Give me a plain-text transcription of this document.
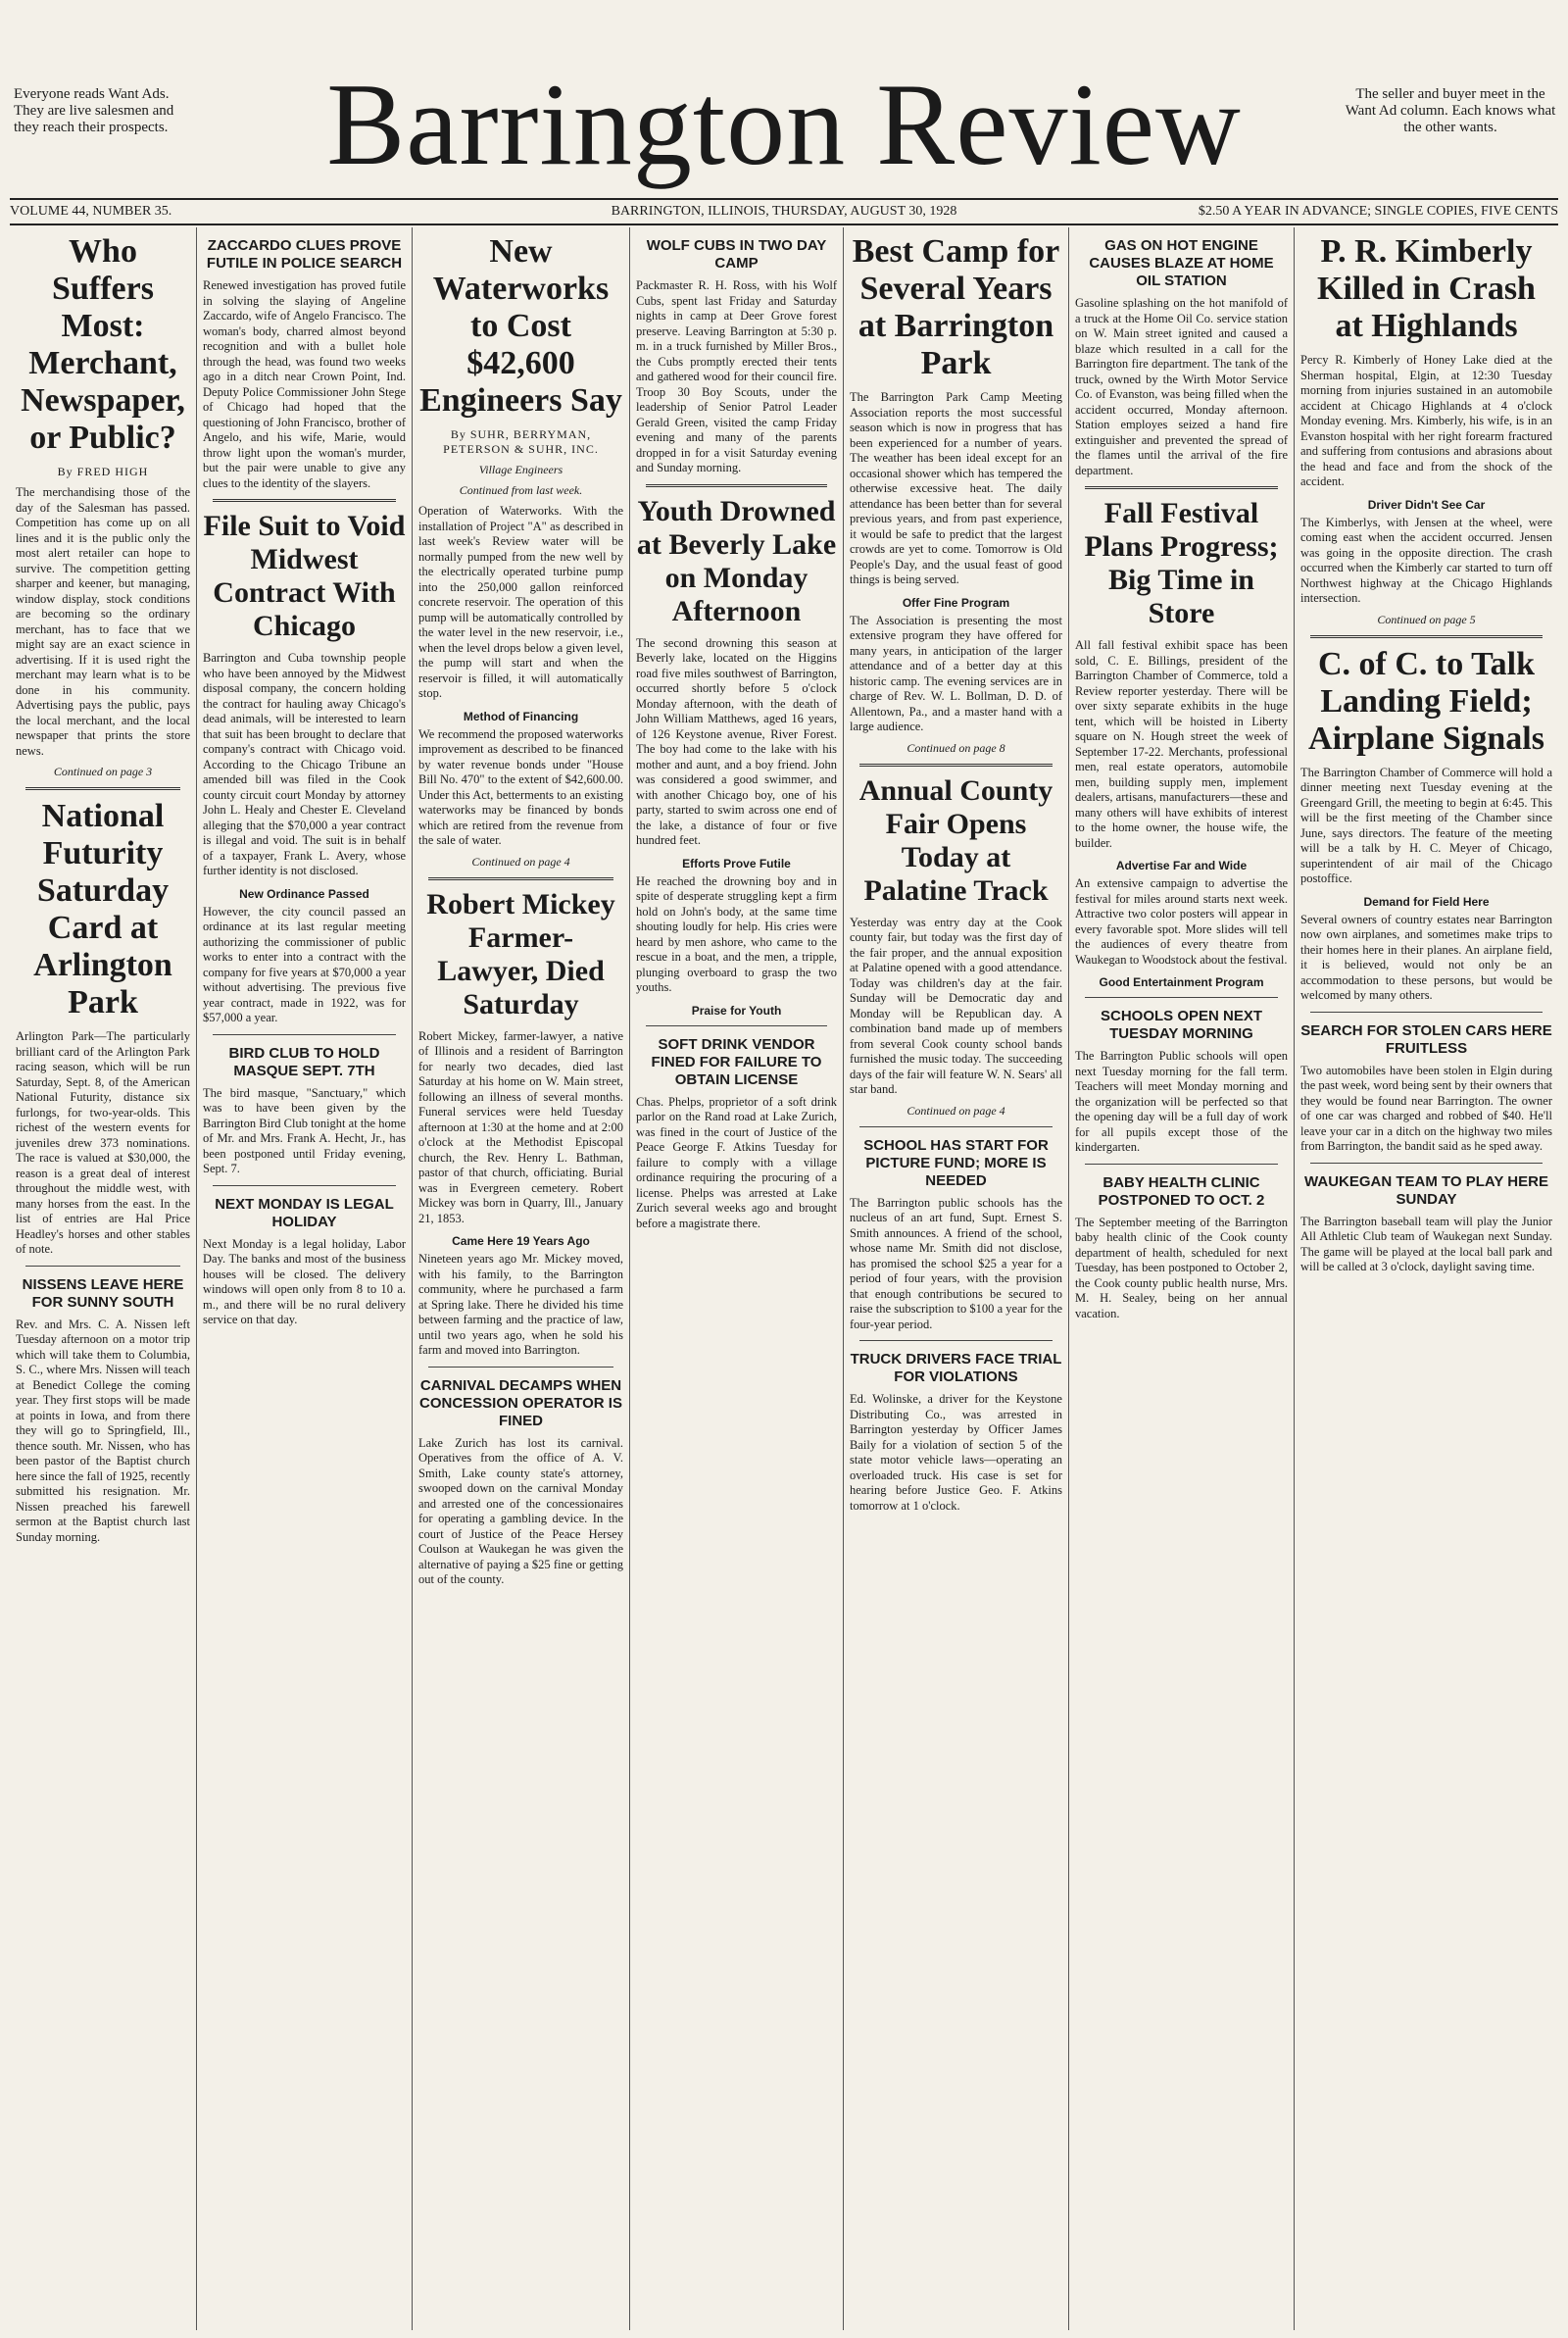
Everyone reads Want Ads. They are live salesmen and they reach their prospects.	Barrington Review	The seller and buyer meet in the Want Ad column. Each knows what the other wants.
VOLUME 44, NUMBER 35.	BARRINGTON, ILLINOIS, THURSDAY, AUGUST 30, 1928	$2.50 A YEAR IN ADVANCE; SINGLE COPIES, FIVE CENTS
Who Suffers Most: Merchant, Newspaper, or Public?
By FRED HIGH

The merchandising those of the day of the Salesman has passed. Competition has come up on all lines and it is the public only the most alert retailer can hope to survive. The competition getting sharper and keener, but managing, window display, stock conditions are becoming so the ordinary merchant, has to face that we might say are an exact science in advertising. If it is used right the merchant may learn what is to be done in his community. Advertising pays the public, pays the local merchant, and the local newspaper that prints the store news.

Continued on page 3
National Futurity Saturday Card at Arlington Park

Arlington Park—The particularly brilliant card of the Arlington Park racing season, which will be run Saturday, Sept. 8, of the American National Futurity, distance six furlongs, for two-year-olds. This richest of the western events for juveniles drew 373 nominations. The race is valued at $30,000, the reason is a great deal of interest throughout the middle west, with many horses from the east. In the list of entries are Hal Price Headley's horses and other stables of note.

NISSENS LEAVE HERE FOR SUNNY SOUTH

Rev. and Mrs. C. A. Nissen left Tuesday afternoon on a motor trip which will take them to Columbia, S. C., where Mrs. Nissen will teach at Benedict College the coming year. They first stops will be made at points in Iowa, and from there they will go to Springfield, Ill., thence south. Mr. Nissen, who has been pastor of the Baptist church here since the fall of 1925, recently submitted his resignation. Mr. Nissen preached his farewell sermon at the Baptist church last Sunday morning.

ZACCARDO CLUES PROVE FUTILE IN POLICE SEARCH

Renewed investigation has proved futile in solving the slaying of Angeline Zaccardo, wife of Angelo Francisco. The woman's body, charred almost beyond recognition and with a bullet hole through the head, was found two weeks ago in a ditch near Crown Point, Ind. Deputy Police Commissioner John Stege of Chicago had hoped that the questioning of John Francisco, brother of Angelo, and his wife, Marie, would throw light upon the woman's murder, but the pair were unable to give any clues to the identity of the slayers.

File Suit to Void Midwest Contract With Chicago

Barrington and Cuba township people who have been annoyed by the Midwest disposal company, the concern holding the contract for hauling away Chicago's dead animals, will be interested to learn that suit has been brought to declare that company's contract with Chicago void. According to the Chicago Tribune an amended bill was filed in the Cook county circuit court Monday by attorney John L. Healy and Chester E. Cleveland alleging that the $70,000 a year contract is illegal and void. The suit is in behalf of a taxpayer, Frank L. Avery, whose further identity is not disclosed.

New Ordinance Passed

However, the city council passed an ordinance at its last regular meeting authorizing the commissioner of public works to enter into a contract with the company for five years at $70,000 a year without advertising. The previous five year contract, made in 1922, was for $57,000 a year.

BIRD CLUB TO HOLD MASQUE SEPT. 7TH

The bird masque, "Sanctuary," which was to have been given by the Barrington Bird Club tonight at the home of Mr. and Mrs. Frank A. Hecht, Jr., has been postponed until Friday evening, Sept. 7.

NEXT MONDAY IS LEGAL HOLIDAY

Next Monday is a legal holiday, Labor Day. The banks and most of the business houses will be closed. The delivery windows will open only from 8 to 10 a. m., and there will be no rural delivery service on that day.

New Waterworks to Cost $42,600 Engineers Say
By SUHR, BERRYMAN, PETERSON & SUHR, INC.
Village Engineers
Continued from last week.

Operation of Waterworks. With the installation of Project "A" as described in last week's Review water will be normally pumped from the new well by the electrically operated turbine pump into the 250,000 gallon reinforced concrete reservoir. The operation of this pump will be automatically controlled by the water level in the new reservoir, i.e., when the level drops below a given level, the pump will start and when the reservoir is filled, it will automatically stop.

Method of Financing

We recommend the proposed waterworks improvement as described to be financed by water revenue bonds under "House Bill No. 470" to the extent of $42,600.00. Under this Act, betterments to an existing waterworks may be financed by bonds which are retired from the revenue from the sale of water.

Continued on page 4
Robert Mickey Farmer-Lawyer, Died Saturday

Robert Mickey, farmer-lawyer, a native of Illinois and a resident of Barrington for nearly two decades, died last Saturday at his home on W. Main street, following an illness of several months. Funeral services were held Tuesday afternoon at 1:30 at the home and at 2:00 o'clock at the Methodist Episcopal church, the Rev. Henry L. Bathman, pastor of that church, officiating. Burial was in Evergreen cemetery. Robert Mickey was born in Quarry, Ill., January 21, 1853.

Came Here 19 Years Ago

Nineteen years ago Mr. Mickey moved, with his family, to the Barrington community, where he purchased a farm at Spring lake. There he divided his time between farming and the practice of law, until two years ago, when he sold his farm and moved into Barrington.

CARNIVAL DECAMPS WHEN CONCESSION OPERATOR IS FINED

Lake Zurich has lost its carnival. Operatives from the office of A. V. Smith, Lake county state's attorney, swooped down on the carnival Monday and arrested one of the concessionaires for operating a gambling device. In the court of Justice of the Peace Hersey Coulson at Waukegan he was given the alternative of paying a $25 fine or getting out of the county.

WOLF CUBS IN TWO DAY CAMP

Packmaster R. H. Ross, with his Wolf Cubs, spent last Friday and Saturday nights in camp at Deer Grove forest preserve. Leaving Barrington at 5:30 p. m. in a truck furnished by Miller Bros., the Cubs promptly erected their tents and gathered wood for their council fire. Troop 30 Boy Scouts, under the leadership of Senior Patrol Leader Gerald Green, visited the camp Friday evening and many of the parents dropped in for a visit Saturday evening and Sunday morning.

Youth Drowned at Beverly Lake on Monday Afternoon

The second drowning this season at Beverly lake, located on the Higgins road five miles southwest of Barrington, occurred shortly before 5 o'clock Monday afternoon, with the death of John William Matthews, aged 16 years, of 126 Keystone avenue, River Forest. The boy had come to the lake with his mother and aunt, and a boy friend. John was considered a good swimmer, and with another Chicago boy, one of his party, started to swim across one end of the lake, a distance of four or five hundred feet.

Efforts Prove Futile

He reached the drowning boy and in spite of desperate struggling kept a firm hold on John's body, at the same time shouting loudly for help. His cries were heard by men ashore, who came to the rescue in a boat, and the men, a tripple, plunging overboard to grasp the two youths.

Praise for Youth
SOFT DRINK VENDOR FINED FOR FAILURE TO OBTAIN LICENSE

Chas. Phelps, proprietor of a soft drink parlor on the Rand road at Lake Zurich, was fined in the court of Justice of the Peace George F. Atkins Tuesday for failure to comply with a village ordinance requiring the procuring of a license. Phelps was arrested at Lake Zurich several weeks ago and brought before a magistrate there.

Best Camp for Several Years at Barrington Park

The Barrington Park Camp Meeting Association reports the most successful season which is now in progress that has been experienced for a number of years. The weather has been ideal except for an occasional shower which has tempered the otherwise excessive heat. The daily attendance has been better than for several previous years, and from past experience, it would be safe to predict that the largest crowds are yet to come. Tomorrow is Old People's Day, and the usual feast of good things is being served.

Offer Fine Program

The Association is presenting the most extensive program they have offered for many years, in anticipation of the larger attendance and of a better day at this historic camp. The evening services are in charge of Rev. W. L. Bollman, D. D. of Allentown, Pa., and a master hand with a large audience.

Continued on page 8
Annual County Fair Opens Today at Palatine Track

Yesterday was entry day at the Cook county fair, but today was the first day of the fair proper, and the annual exposition at Palatine opened with a good attendance. Today was children's day at the fair. Sunday will be Democratic day and Monday will be Republican day. A combination band made up of members from several Cook county school bands furnished the music today. The succeeding days of the fair will feature W. N. Sears' all star band.

Continued on page 4
SCHOOL HAS START FOR PICTURE FUND; MORE IS NEEDED

The Barrington public schools has the nucleus of an art fund, Supt. Ernest S. Smith announces. A friend of the school, whose name Mr. Smith did not disclose, has promised the school $25 a year for a period of four years, with the provision that enough contributions be secured to raise the subscription to $100 a year for the four-year period.

TRUCK DRIVERS FACE TRIAL FOR VIOLATIONS

Ed. Wolinske, a driver for the Keystone Distributing Co., was arrested in Barrington yesterday by Officer James Baily for a violation of section 5 of the state motor vehicle laws—operating an overloaded truck. His case is set for hearing before Justice Geo. F. Atkins tomorrow at 1 o'clock.

GAS ON HOT ENGINE CAUSES BLAZE AT HOME OIL STATION

Gasoline splashing on the hot manifold of a truck at the Home Oil Co. service station on W. Main street ignited and caused a blaze which resulted in a call for the Barrington fire department. The tank of the truck, owned by the Wirth Motor Service Co. of Evanston, was being filled when the accident occurred, Monday afternoon. Station employes seized a hand fire extinguisher and prevented the spread of the flames until the arrival of the fire department.

Fall Festival Plans Progress; Big Time in Store

All fall festival exhibit space has been sold, C. E. Billings, president of the Barrington Chamber of Commerce, told a Review reporter yesterday. There will be over sixty separate exhibits in the huge tent, which will be hoisted in Liberty square on N. Hough street the week of September 17-22. Merchants, professional men, real estate operators, automobile men, building supply men, implement dealers, artisans, manufacturers—these and many others will have exhibits of interest to the home owner, the house wife, the builder.

Advertise Far and Wide

An extensive campaign to advertise the festival for miles around starts next week. Attractive two color posters will appear in every favorable spot. More slides will tell the audiences of every theatre from Waukegan to Woodstock about the festival.

Good Entertainment Program
SCHOOLS OPEN NEXT TUESDAY MORNING

The Barrington Public schools will open next Tuesday morning for the fall term. Teachers will meet Monday morning and the organization will be perfected so that the opening day will be a full day of work for all pupils except those of the kindergarten.

BABY HEALTH CLINIC POSTPONED TO OCT. 2

The September meeting of the Barrington baby health clinic of the Cook county department of health, scheduled for next Tuesday, has been postponed to October 2, the Cook county public health nurse, Mrs. M. H. Sealey, being on her annual vacation.

P. R. Kimberly Killed in Crash at Highlands

Percy R. Kimberly of Honey Lake died at the Sherman hospital, Elgin, at 12:30 Tuesday morning from injuries sustained in an automobile accident at Chicago Highlands at 4 o'clock Monday evening. Mrs. Kimberly, his wife, is in an Evanston hospital with her right forearm fractured and suffering from contusions and abrasions about the head and face and from the shock of the accident.

Driver Didn't See Car

The Kimberlys, with Jensen at the wheel, were coming east when the accident occurred. Jensen was going in the opposite direction. The crash occurred when the Kimberly car started to turn off Northwest highway at the Chicago Highlands intersection.

Continued on page 5
C. of C. to Talk Landing Field; Airplane Signals

The Barrington Chamber of Commerce will hold a dinner meeting next Tuesday evening at the Greengard Grill, the meeting to begin at 6:45. This will be the first meeting of the Chamber since June, says directors. The feature of the meeting will be a talk by H. C. Meyer of Chicago, superintendent of air mail of the Chicago postoffice.

Demand for Field Here

Several owners of country estates near Barrington now own airplanes, and sometimes make trips to their homes here in their planes. An airplane field, it is believed, would not only be an accommodation to these persons, but would be welcomed by many others.

SEARCH FOR STOLEN CARS HERE FRUITLESS

Two automobiles have been stolen in Elgin during the past week, word being sent by their owners that they would be found near Barrington. The owner of one car was charged and robbed of $40. He'll leave your car in a ditch on the highway two miles from Barrington, the bandit said as he sped away.

WAUKEGAN TEAM TO PLAY HERE SUNDAY

The Barrington baseball team will play the Junior All Athletic Club team of Waukegan next Sunday. The game will be played at the local ball park and will be called at 3 o'clock, daylight saving time.
